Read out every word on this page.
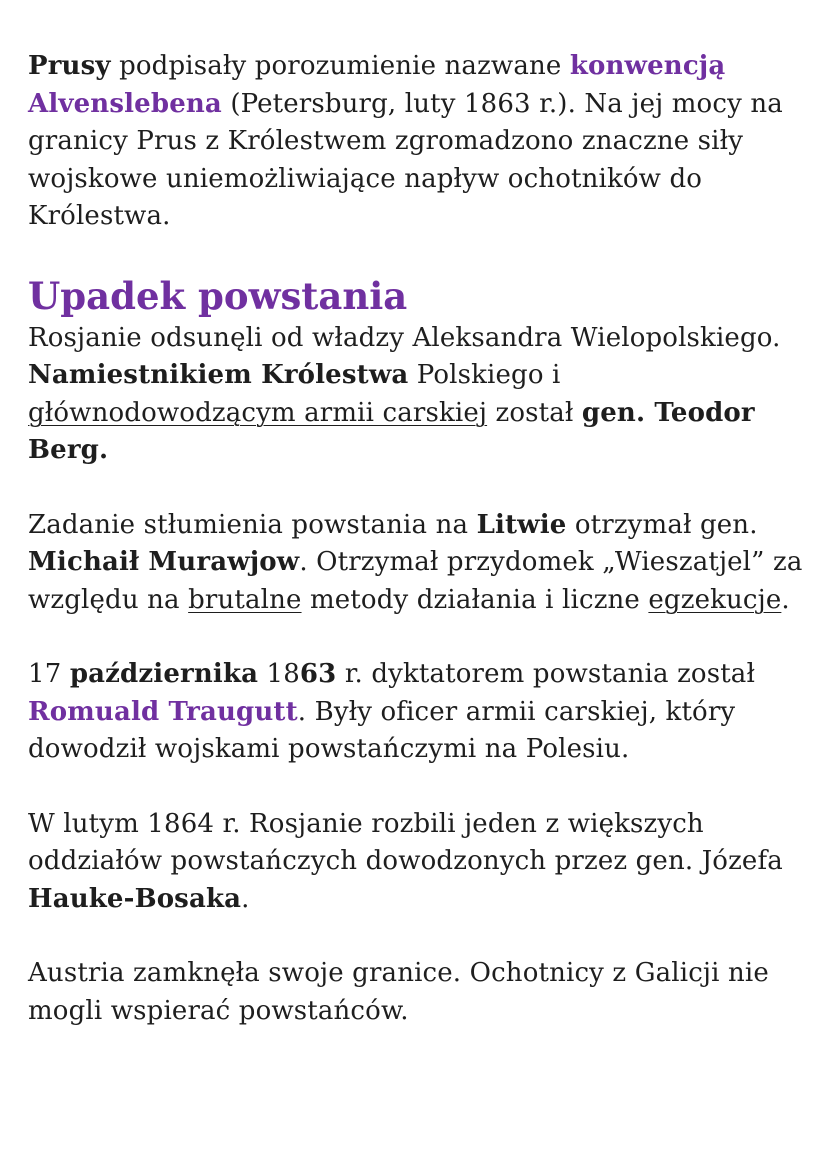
Prusy podpisały porozumienie nazwane konwencją Alvenslebena (Petersburg, luty 1863 r.). Na jej mocy na granicy Prus z Królestwem zgromadzono znaczne siły wojskowe uniemożliwiające napływ ochotników do Królestwa.

Upadek powstania

Rosjanie odsunęli od władzy Aleksandra Wielopolskiego. Namiestnikiem Królestwa Polskiego i głównodowodzącym armii carskiej został gen. Teodor Berg.

Zadanie stłumienia powstania na Litwie otrzymał gen. Michaił Murawjow. Otrzymał przydomek „Wieszatjel” za względu na brutalne metody działania i liczne egzekucje.

17 października 1863 r. dyktatorem powstania został Romuald Traugutt. Były oficer armii carskiej, który dowodził wojskami powstańczymi na Polesiu.

W lutym 1864 r. Rosjanie rozbili jeden z większych oddziałów powstańczych dowodzonych przez gen. Józefa Hauke-Bosaka.

Austria zamknęła swoje granice. Ochotnicy z Galicji nie mogli wspierać powstańców.
